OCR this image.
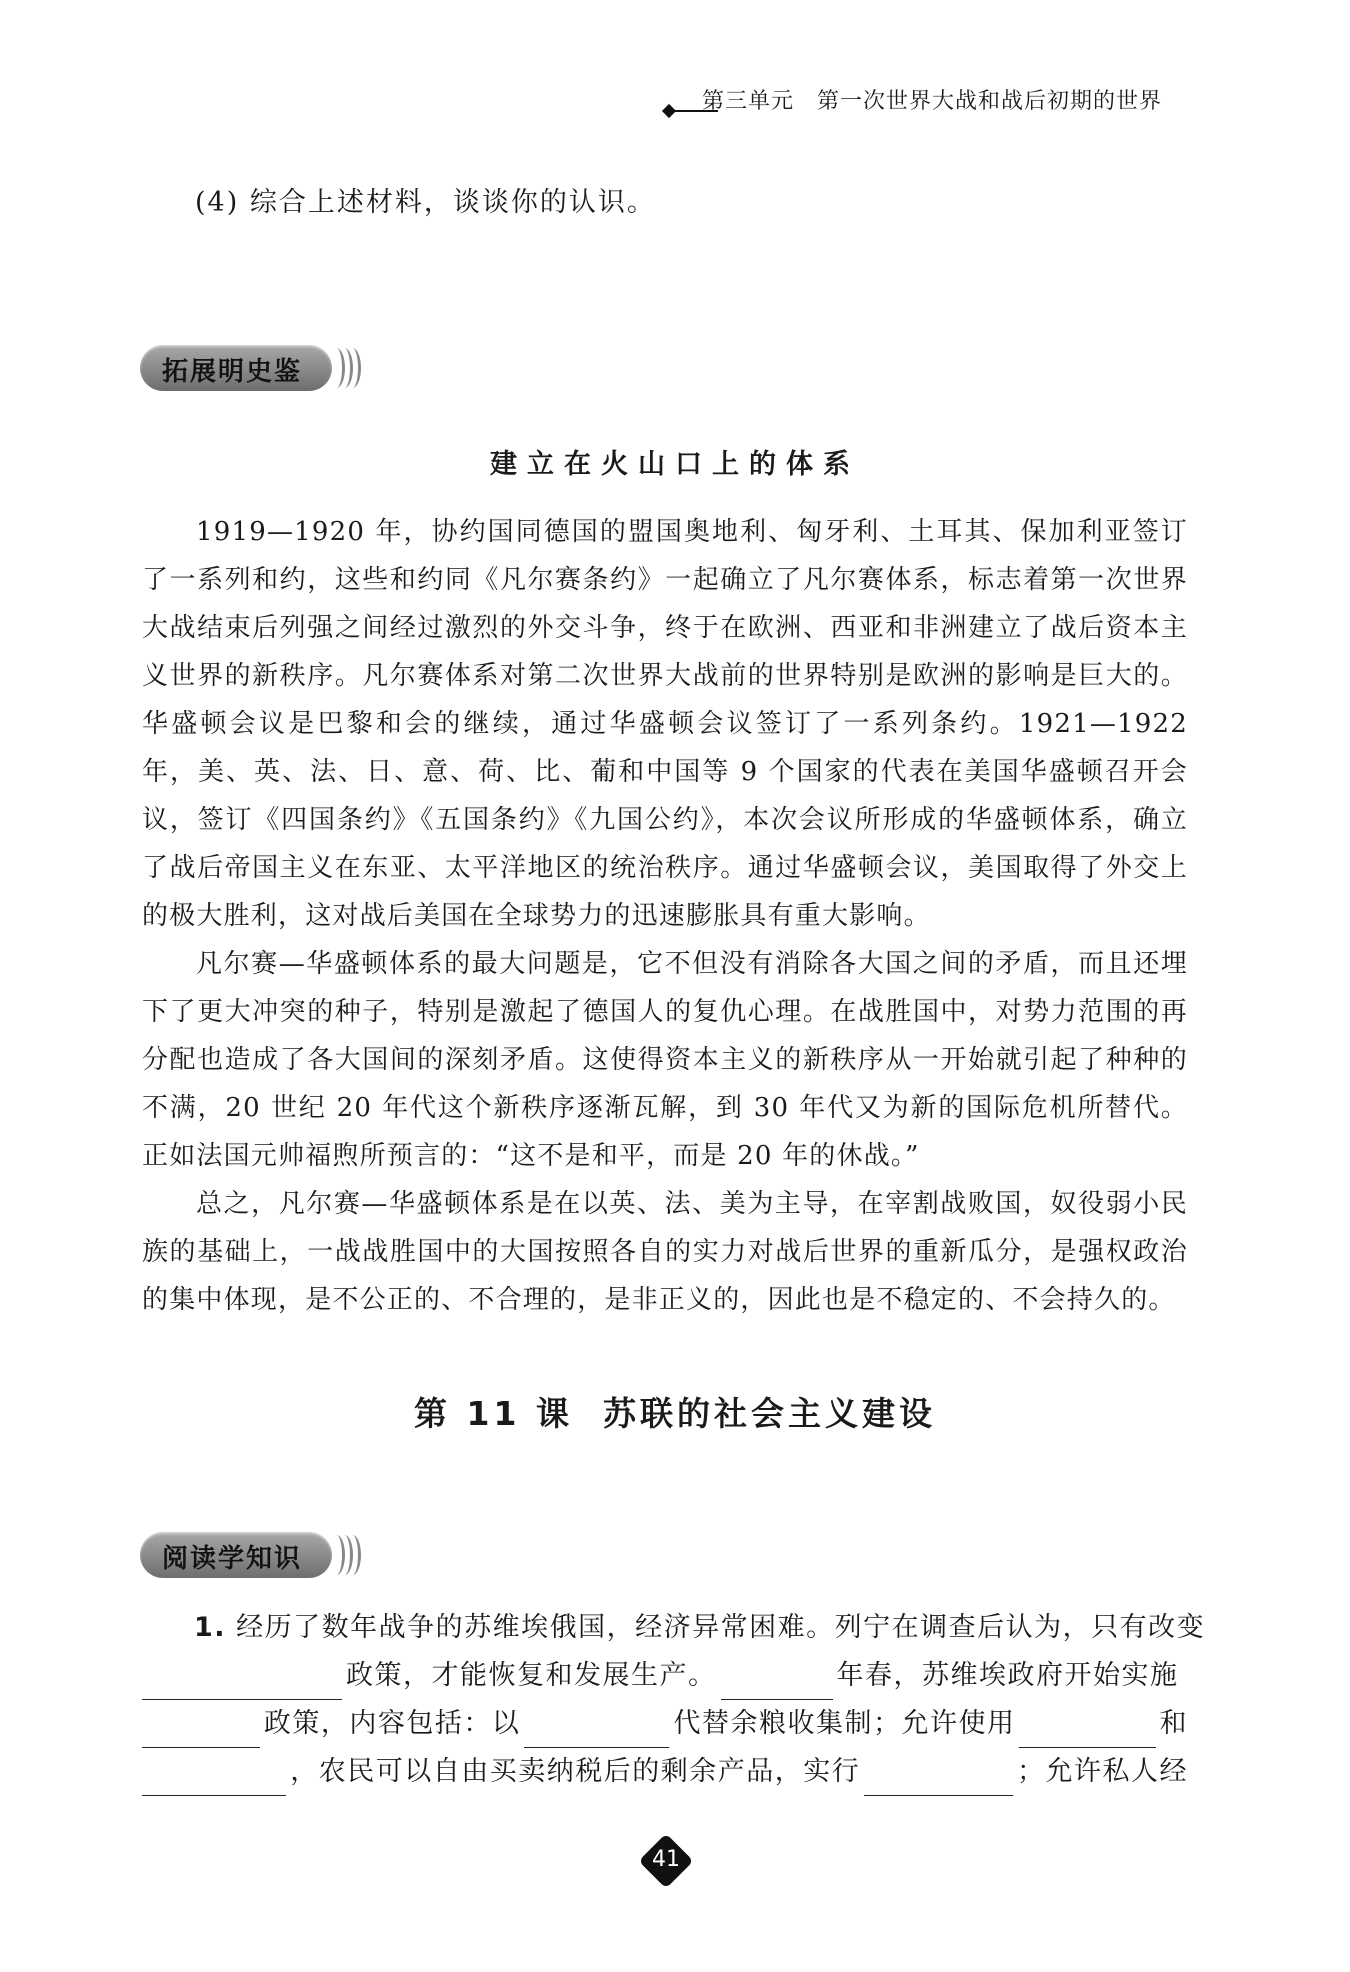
第三单元　 第一次世界大战和战后初期的世界
(4) 综合上述材料，谈谈你的认识。
拓展明史鉴
建立在火山口上的体系

1919—1920 年，协约国同德国的盟国奥地利、匈牙利、土耳其、保加利亚签订了一系列和约，这些和约同《凡尔赛条约》一起确立了凡尔赛体系，标志着第一次世界大战结束后列强之间经过激烈的外交斗争，终于在欧洲、西亚和非洲建立了战后资本主义世界的新秩序。凡尔赛体系对第二次世界大战前的世界特别是欧洲的影响是巨大的。华盛顿会议是巴黎和会的继续，通过华盛顿会议签订了一系列条约。1921—1922 年，美、英、法、日、意、荷、比、葡和中国等 9 个国家的代表在美国华盛顿召开会议，签订《四国条约》《五国条约》《九国公约》，本次会议所形成的华盛顿体系，确立了战后帝国主义在东亚、太平洋地区的统治秩序。通过华盛顿会议，美国取得了外交上的极大胜利，这对战后美国在全球势力的迅速膨胀具有重大影响。

凡尔赛—华盛顿体系的最大问题是，它不但没有消除各大国之间的矛盾，而且还埋下了更大冲突的种子，特别是激起了德国人的复仇心理。在战胜国中，对势力范围的再分配也造成了各大国间的深刻矛盾。这使得资本主义的新秩序从一开始就引起了种种的不满，20 世纪 20 年代这个新秩序逐渐瓦解，到 30 年代又为新的国际危机所替代。正如法国元帅福煦所预言的：“这不是和平，而是 20 年的休战。”

总之，凡尔赛—华盛顿体系是在以英、法、美为主导，在宰割战败国，奴役弱小民族的基础上，一战战胜国中的大国按照各自的实力对战后世界的重新瓜分，是强权政治的集中体现，是不公正的、不合理的，是非正义的，因此也是不稳定的、不会持久的。

第 11 课 苏联的社会主义建设
阅读学知识
1.
经历了数年战争的苏维埃俄国，经济异常困难。列宁在调查后认为，只有改变
政策，才能恢复和发展生产。	年春，苏维埃政府开始实施
政策，内容包括：以	代替余粮收集制；允许使用	和
，农民可以自由买卖纳税后的剩余产品，实行	；允许私人经
41
